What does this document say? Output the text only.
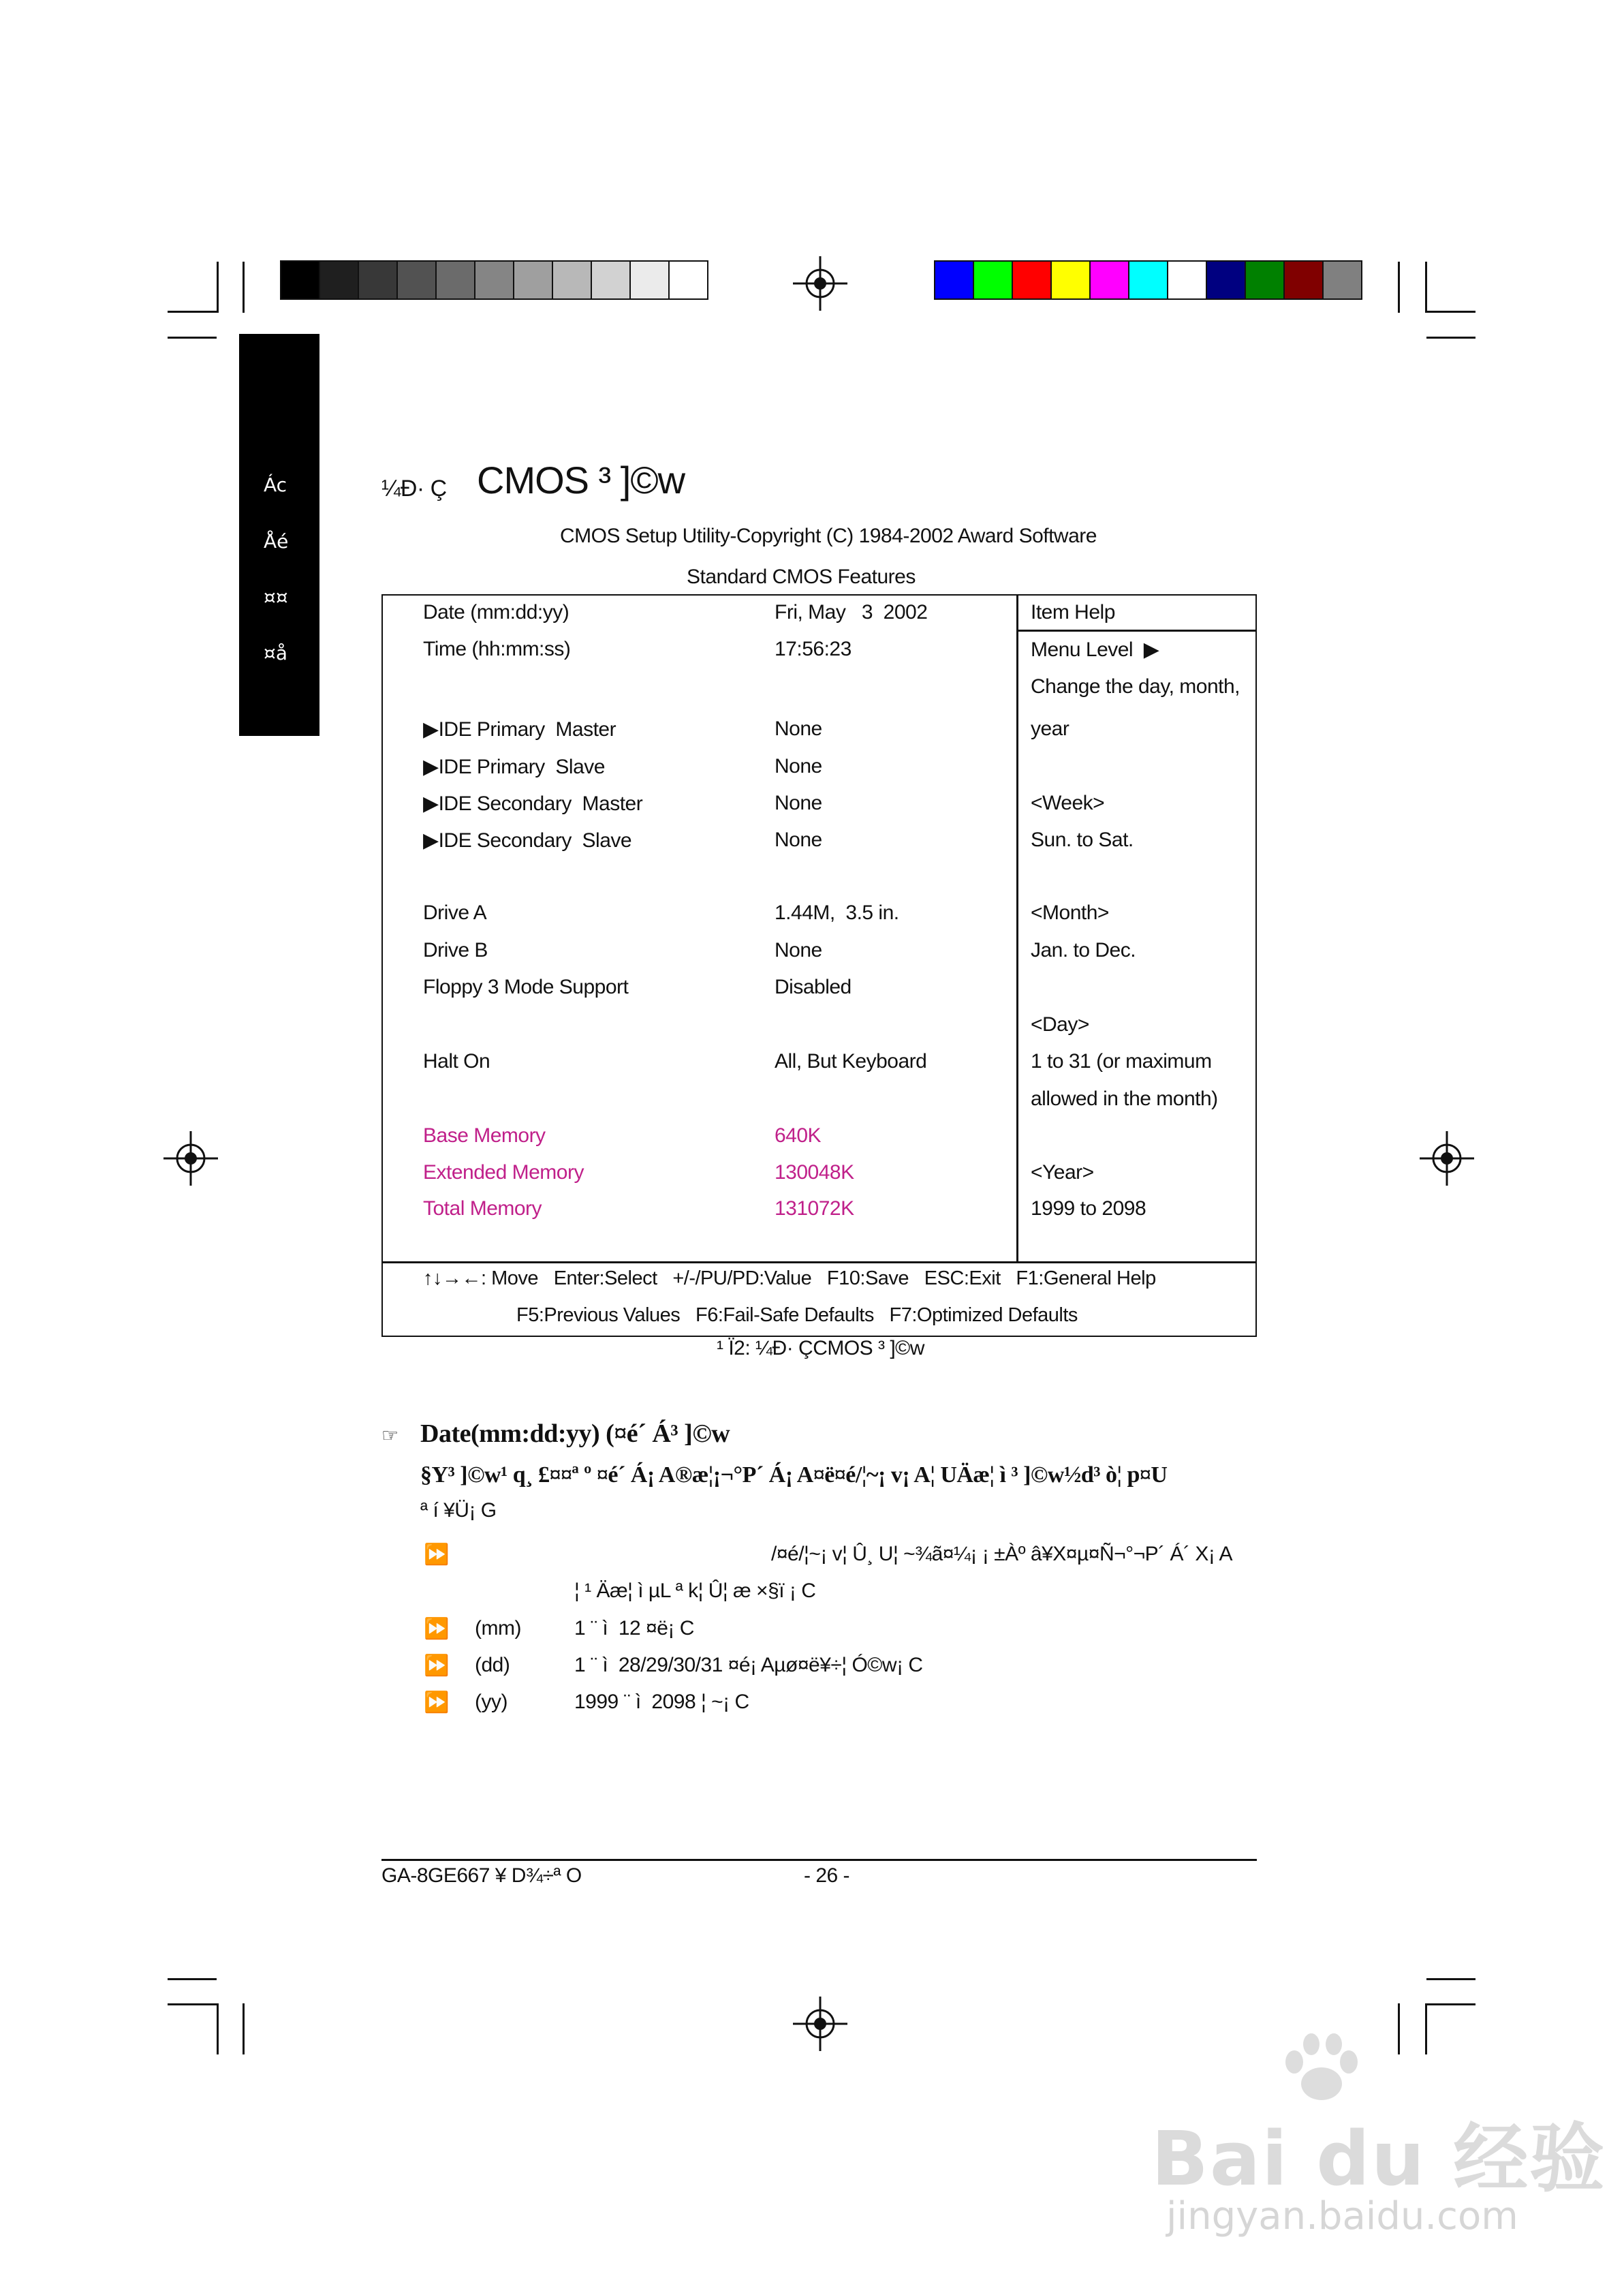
Ác
Åé
¤¤
¤å
¼Ð· Ç CMOS ³ ]©w
CMOS Setup Utility-Copyright (C) 1984-2002 Award Software
Standard CMOS Features
Date (mm:dd:yy)	Fri, May   3  2002
Time (hh:mm:ss)	17:56:23
▶IDE Primary  Master	None
▶IDE Primary  Slave	None
▶IDE Secondary  Master	None
▶IDE Secondary  Slave	None
Drive A	1.44M,  3.5 in.
Drive B	None
Floppy 3 Mode Support	Disabled
Halt On	All, But Keyboard
Base Memory	640K
Extended Memory	130048K
Total Memory	131072K
Item Help
Menu Level  ▶
Change the day, month,
year
<Week>
Sun. to Sat.
<Month>
Jan. to Dec.
<Day>
1 to 31 (or maximum
allowed in the month)
<Year>
1999 to 2098
↑↓→←: Move   Enter:Select   +/-/PU/PD:Value   F10:Save   ESC:Exit   F1:General Help
F5:Previous Values   F6:Fail-Safe Defaults   F7:Optimized Defaults
¹ Ï2: ¼Ð· ÇCMOS ³ ]©w
☞ Date(mm:dd:yy) (¤é´ Á³ ]©w
§Y³ ]©w¹ q¸ £¤¤ª º ¤é´ Á¡ A®æ¦¡¬°P´ Á¡ A¤ë¤é/¦~¡ v¡ A¦ UÄæ¦ ì ³ ]©w½d³ ò¦ p¤U
ª í ¥Ü¡ G
⏩	/¤é/¦~¡ v¦ Û¸ U¦ ~¾ã¤¼¡ ¡ ±Àº â¥X¤µ¤Ñ¬°¬P´ Á´ X¡ A
¦ ¹ Äæ¦ ì µL ª k¦ Û¦ æ ×§ï ¡ C
⏩ (mm)	1 ¨ ì  12 ¤ë¡ C
⏩ (dd)	1 ¨ ì  28/29/30/31 ¤é¡ Aµø¤ë¥÷¦ Ó©w¡ C
⏩ (yy)	1999 ¨ ì  2098 ¦ ~¡ C
GA-8GE667 ¥ D¾÷ª O	- 26 -
Bai du 经验
jingyan.baidu.com
